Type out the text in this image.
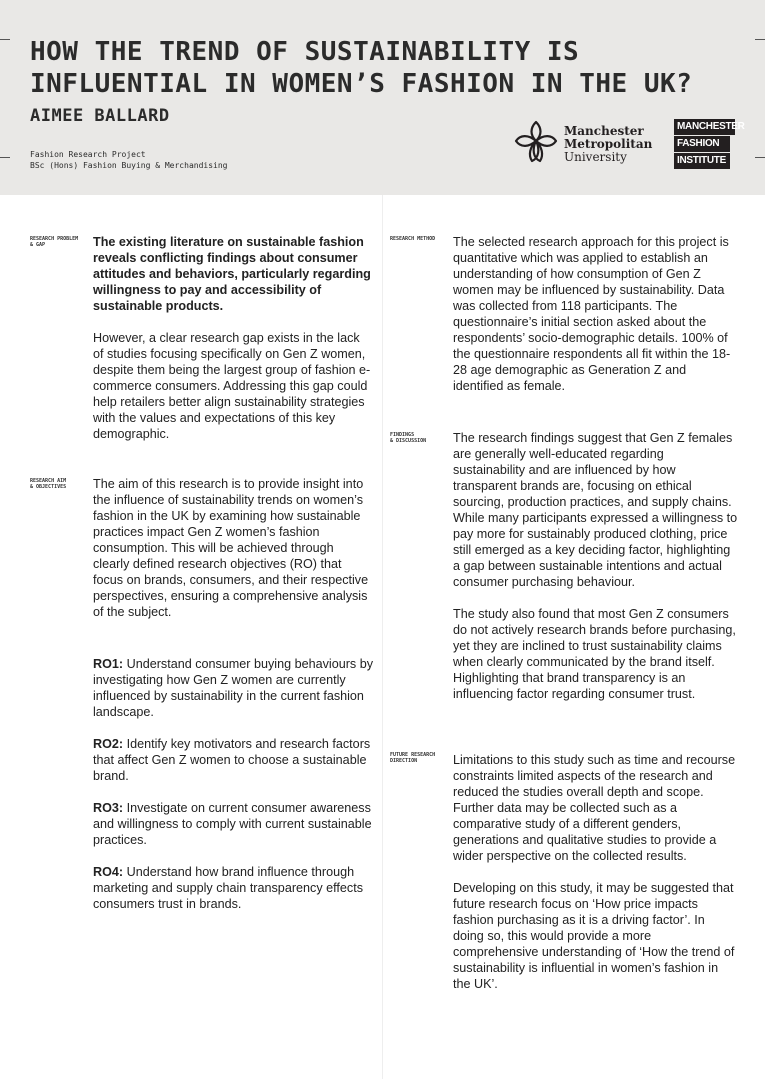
HOW THE TREND OF SUSTAINABILITY IS
INFLUENTIAL IN WOMEN’S FASHION IN THE UK?
AIMEE BALLARD
Fashion Research Project
BSc (Hons) Fashion Buying & Merchandising
Manchester
Metropolitan
University
MANCHESTER
FASHION
INSTITUTE
RESEARCH PROBLEM
& GAP	The existing literature on sustainable fashion reveals conflicting findings about consumer attitudes and behaviors, particularly regarding willingness to pay and accessibility of sustainable products.

However, a clear research gap exists in the lack of studies focusing specifically on Gen Z women, despite them being the largest group of fashion e-commerce consumers. Addressing this gap could help retailers better align sustainability strategies with the values and expectations of this key demographic.

RESEARCH AIM
& OBJECTIVES The aim of this research is to provide insight into the influence of sustainability trends on women’s fashion in the UK by examining how sustainable practices impact Gen Z women’s fashion consumption. This will be achieved through clearly defined research objectives (RO) that focus on brands, consumers, and their respective perspectives, ensuring a comprehensive analysis of the subject.

RO1: Understand consumer buying behaviours by investigating how Gen Z women are currently influenced by sustainability in the current fashion landscape.

RO2: Identify key motivators and research factors that affect Gen Z women to choose a sustainable brand.

RO3: Investigate on current consumer awareness and willingness to comply with current sustainable practices.

RO4: Understand how brand influence through marketing and supply chain transparency effects consumers trust in brands.

RESEARCH METHOD The selected research approach for this project is quantitative which was applied to establish an understanding of how consumption of Gen Z women may be influenced by sustainability. Data was collected from 118 participants. The questionnaire’s initial section asked about the respondents’ socio-demographic details. 100% of the questionnaire respondents all fit within the 18-28 age demographic as Generation Z and identified as female.

FINDINGS
& DISCUSSION The research findings suggest that Gen Z females are generally well-educated regarding sustainability and are influenced by how transparent brands are, focusing on ethical sourcing, production practices, and supply chains. While many participants expressed a willingness to pay more for sustainably produced clothing, price still emerged as a key deciding factor, highlighting a gap between sustainable intentions and actual consumer purchasing behaviour.

The study also found that most Gen Z consumers do not actively research brands before purchasing, yet they are inclined to trust sustainability claims when clearly communicated by the brand itself. Highlighting that brand transparency is an influencing factor regarding consumer trust.

FUTURE RESEARCH
DIRECTION	Limitations to this study such as time and recourse constraints limited aspects of the research and reduced the studies overall depth and scope. Further data may be collected such as a comparative study of a different genders, generations and qualitative studies to provide a wider perspective on the collected results.

Developing on this study, it may be suggested that future research focus on ‘How price impacts fashion purchasing as it is a driving factor’. In doing so, this would provide a more comprehensive understanding of ‘How the trend of sustainability is influential in women’s fashion in the UK’.
